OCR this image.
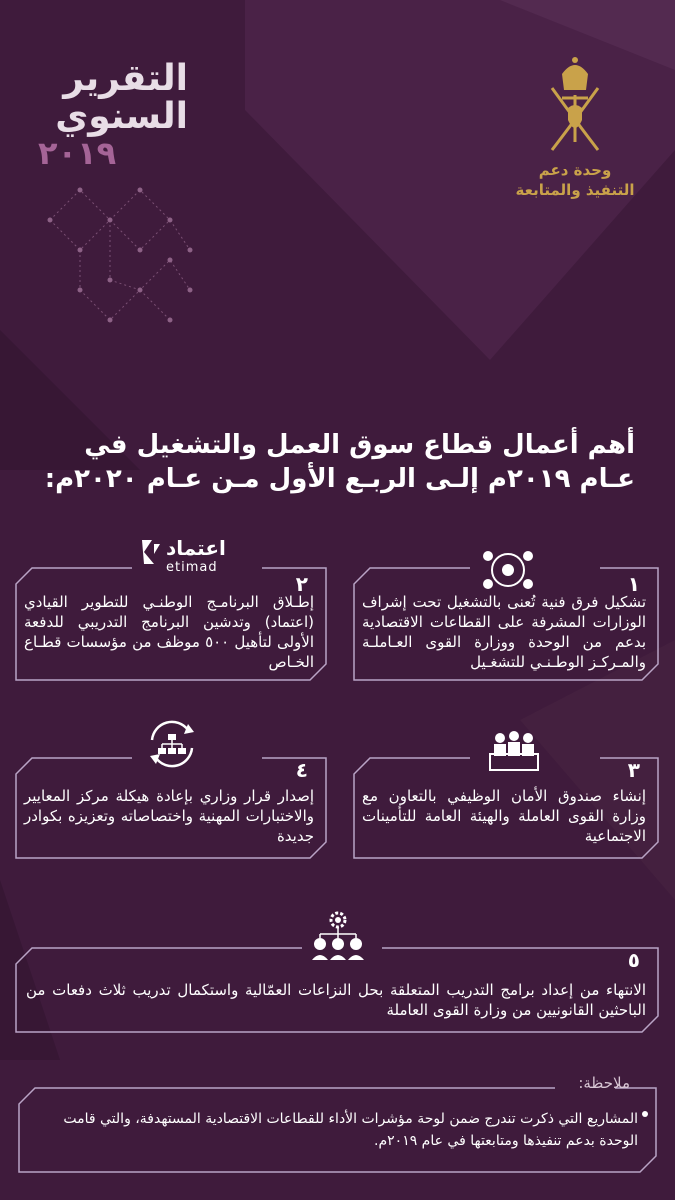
وحدة دعم
التنفيذ والمتابعة
التقرير
السنوي
٢٠١٩
أهم أعمال قطاع سوق العمل والتشغيل في
عـام ٢٠١٩م إلـى الربـع الأول مـن عـام ٢٠٢٠م:
١
تشكيل فرق فنية تُعنى بالتشغيل تحت إشراف الوزارات المشرفة على القطاعات الاقتصادية بدعم من الوحدة ووزارة القوى العـاملـة والمـركـز الوطـنـي للتشغـيل
اعتماد
etimad
٢
إطـلاق البرنامـج الوطنـي للتطوير القيادي (اعتماد) وتدشين البرنامج التدريبي للدفعة الأولى لتأهيل ٥٠٠ موظف من مؤسسات قطـاع الخـاص
٣
إنشاء صندوق الأمان الوظيفي بالتعاون مع وزارة القوى العاملة والهيئة العامة للتأمينات الاجتماعية
٤
إصدار قرار وزاري بإعادة هيكلة مركز المعايير والاختبارات المهنية واختصاصاته وتعزيزه بكوادر جديدة
٥
الانتهاء من إعداد برامج التدريب المتعلقة بحل النزاعات العمّالية واستكمال تدريب ثلاث دفعات من الباحثين القانونيين من وزارة القوى العاملة
ملاحظة:
المشاريع التي ذكرت تندرج ضمن لوحة مؤشرات الأداء للقطاعات الاقتصادية المستهدفة، والتي قامت الوحدة بدعم تنفيذها ومتابعتها في عام ٢٠١٩م.
